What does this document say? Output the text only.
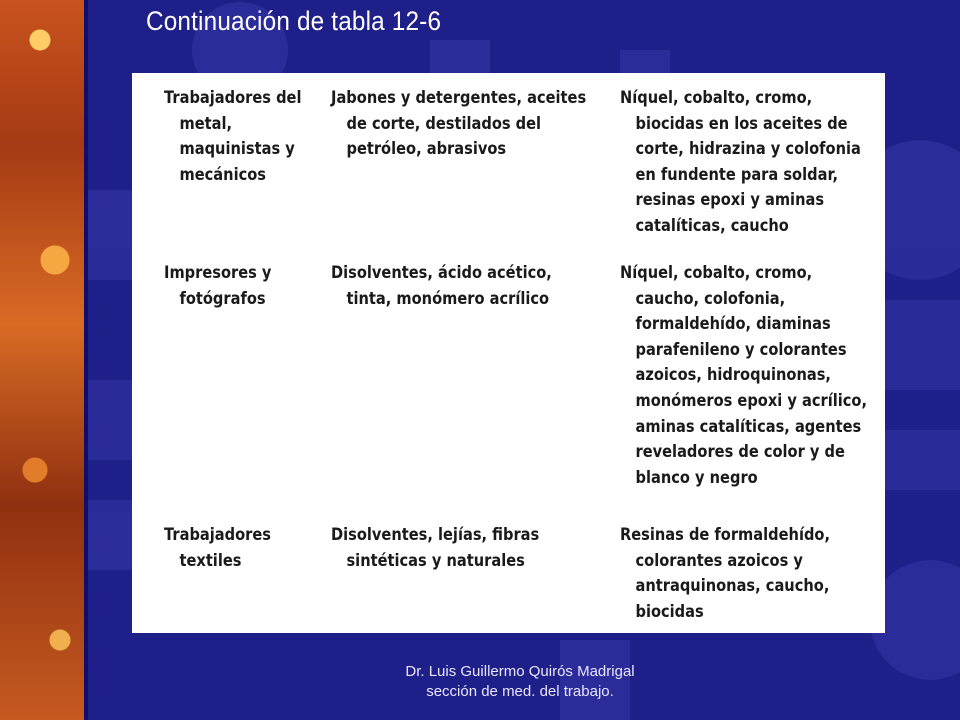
Continuación de tabla 12-6
Trabajadores del
metal,
maquinistas y
mecánicos
Jabones y detergentes, aceites
de corte, destilados del
petróleo, abrasivos
Níquel, cobalto, cromo,
biocidas en los aceites de
corte, hidrazina y colofonia
en fundente para soldar,
resinas epoxi y aminas
catalíticas, caucho
Impresores y
fotógrafos
Disolventes, ácido acético,
tinta, monómero acrílico
Níquel, cobalto, cromo,
caucho, colofonia,
formaldehído, diaminas
parafenileno y colorantes
azoicos, hidroquinonas,
monómeros epoxi y acrílico,
aminas catalíticas, agentes
reveladores de color y de
blanco y negro
Trabajadores
textiles
Disolventes, lejías, fibras
sintéticas y naturales
Resinas de formaldehído,
colorantes azoicos y
antraquinonas, caucho,
biocidas
Dr. Luis Guillermo Quirós Madrigal
sección de med. del trabajo.
